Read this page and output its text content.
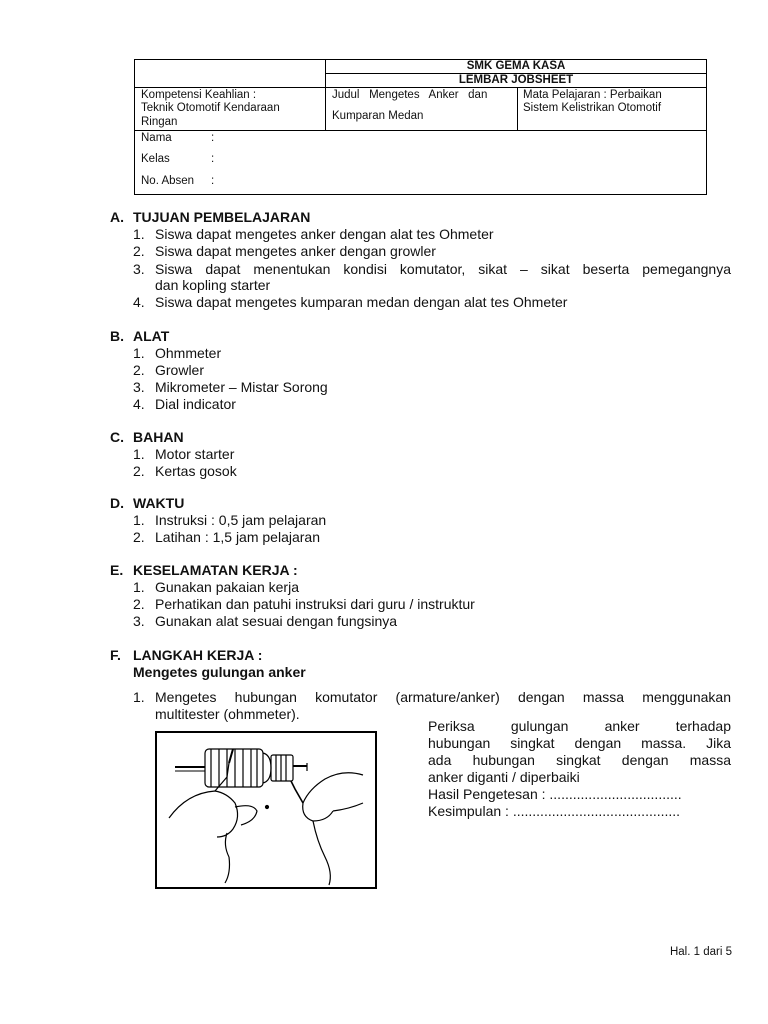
SMK GEMA KASA
LEMBAR JOBSHEET
Kompetensi Keahlian :
Teknik Otomotif Kendaraan
Ringan
Judul   Mengetes   Anker   dan
Kumparan Medan
Mata Pelajaran : Perbaikan
Sistem Kelistrikan Otomotif
Nama	:
Kelas	:
No. Absen :
A. TUJUAN PEMBELAJARAN
1. Siswa dapat mengetes anker dengan alat tes Ohmeter
2. Siswa dapat mengetes anker dengan growler
3. Siswa dapat menentukan kondisi komutator, sikat – sikat beserta pemegangnya
dan kopling starter
4. Siswa dapat mengetes kumparan medan dengan alat tes Ohmeter
B. ALAT
1. Ohmmeter
2. Growler
3. Mikrometer – Mistar Sorong
4. Dial indicator
C. BAHAN
1. Motor starter
2. Kertas gosok
D. WAKTU
1. Instruksi : 0,5 jam pelajaran
2. Latihan : 1,5 jam pelajaran
E. KESELAMATAN KERJA :
1. Gunakan pakaian kerja
2. Perhatikan dan patuhi instruksi dari guru / instruktur
3. Gunakan alat sesuai dengan fungsinya
F. LANGKAH KERJA :
Mengetes gulungan anker
1. Mengetes hubungan komutator (armature/anker) dengan massa menggunakan
multitester (ohmmeter).
Periksa      gulungan      anker      terhadap
hubungan singkat dengan massa. Jika
ada hubungan singkat dengan massa
anker diganti / diperbaiki
Hasil Pengetesan : ..................................
Kesimpulan : ...........................................
Hal. 1 dari 5
